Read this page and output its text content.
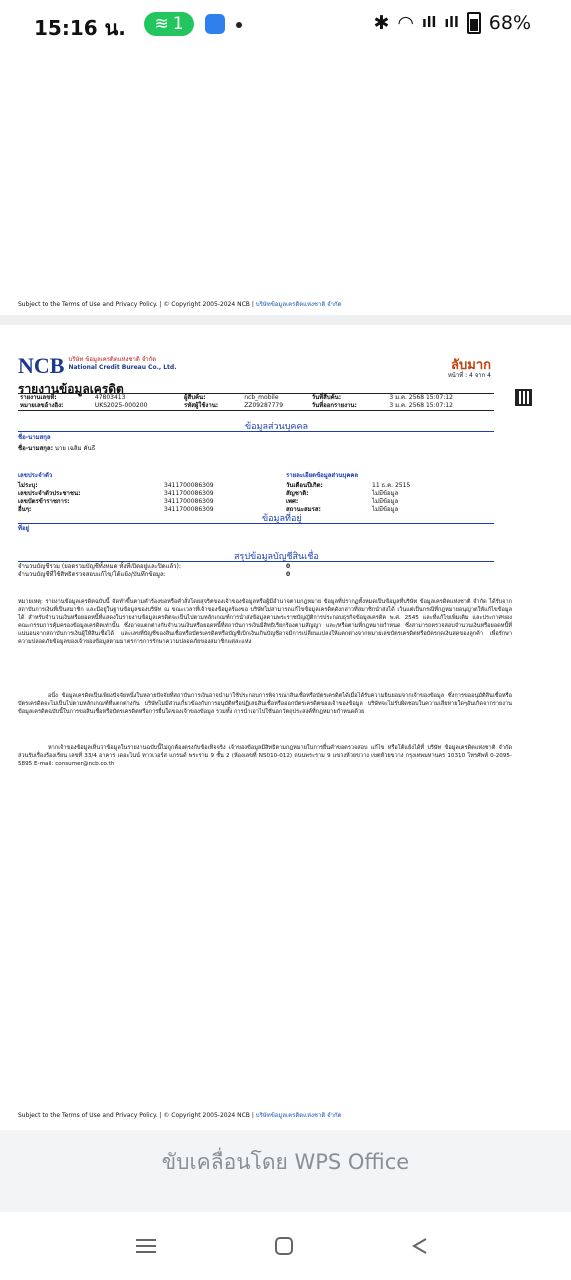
15:16 น. ≋ 1	✱ ◠ ıll ıll 68%
Subject to the Terms of Use and Privacy Policy. | © Copyright 2005-2024 NCB | บริษัทข้อมูลเครดิตแห่งชาติ จำกัด
NCB บริษัท ข้อมูลเครดิตแห่งชาติ จำกัด
National Credit Bureau Co., Ltd.	ลับมาก
หน้าที่ : 4 จาก 4
รายงานข้อมูลเครดิต
รายงานเลขที่:	47803413	ผู้สืบค้น:	ncb_mobile	วันที่สืบค้น:	3 ม.ค. 2568 15:07:12
หมายเลขอ้างอิง:	UKS2025-000200	รหัสผู้ใช้งาน:	ZZ09287779	วันที่ออกรายงาน:	3 ม.ค. 2568 15:07:12
ข้อมูลส่วนบุคคล
ชื่อ-นามสกุล
ชื่อ-นามสกุล: นาย เฉลิม คันธี
เลขประจำตัว
ไม่ระบุ:	3411700086309
เลขประจำตัวประชาชน:	3411700086309
เลขบัตรข้าราชการ:	3411700086309
อื่นๆ:	3411700086309
รายละเอียดข้อมูลส่วนบุคคล
วันเดือนปีเกิด:	11 ธ.ค. 2515
สัญชาติ:	ไม่มีข้อมูล
เพศ:	ไม่มีข้อมูล
สถานะสมรส:	ไม่มีข้อมูล
ข้อมูลที่อยู่
ที่อยู่
สรุปข้อมูลบัญชีสินเชื่อ
จำนวนบัญชีรวม (ยอดรวมบัญชีทั้งหมด ทั้งที่เปิดอยู่และปิดแล้ว):	0
จำนวนบัญชีที่ใช้สิทธิตรวจสอบแก้ไข/โต้แย้ง/บันทึกข้อมูล:	0
หมายเหตุ: รายงานข้อมูลเครดิตฉบับนี้ จัดทำขึ้นตามคำร้องขอหรือคำสั่งโดยสุจริตของเจ้าของข้อมูลหรือผู้มีอำนาจตามกฎหมาย ข้อมูลที่ปรากฏทั้งหมดเป็นข้อมูลที่บริษัท ข้อมูลเครดิตแห่งชาติ จำกัด ได้รับจากสถาบันการเงินที่เป็นสมาชิก และมีอยู่ในฐานข้อมูลของบริษัท ณ ขณะเวลาที่เจ้าของข้อมูลร้องขอ บริษัทไม่สามารถแก้ไขข้อมูลเครดิตดังกล่าวที่สมาชิกนำส่งได้ เว้นแต่เป็นกรณีที่กฎหมายอนุญาตให้แก้ไขข้อมูลได้ สำหรับจำนวนเงินหรือยอดหนี้ที่แสดงในรายงานข้อมูลเครดิตจะเป็นไปตามหลักเกณฑ์การนำส่งข้อมูลตามพระราชบัญญัติการประกอบธุรกิจข้อมูลเครดิต พ.ศ. 2545 และที่แก้ไขเพิ่มเติม และประกาศของคณะกรรมการคุ้มครองข้อมูลเครดิตเท่านั้น ซึ่งอาจแตกต่างกับจำนวนเงินหรือยอดหนี้ที่สถาบันการเงินมีสิทธิเรียกร้องตามสัญญา และ/หรือตามที่กฎหมายกำหนด ซึ่งสามารถตรวจสอบจำนวนเงินหรือยอดหนี้ที่แน่นอนจากสถาบันการเงินผู้ให้สินเชื่อได้ และเลขที่บัญชีของสินเชื่อหรือบัตรเครดิตหรือบัญชีเบิกเงินเกินบัญชีอาจมีการเปลี่ยนแปลงให้แตกต่างจากหมายเลขบัตรเครดิตหรือบัตรกดเงินสดของลูกค้า เพื่อรักษาความปลอดภัยข้อมูลของเจ้าของข้อมูลตามมาตรการการรักษาความปลอดภัยของสมาชิกแต่ละแห่ง
อนึ่ง ข้อมูลเครดิตเป็นเพียงปัจจัยหนึ่งในหลายปัจจัยที่สถาบันการเงินอาจนำมาใช้ประกอบการพิจารณาสินเชื่อหรือบัตรเครดิตได้เมื่อได้รับความยินยอมจากเจ้าของข้อมูล ซึ่งการขออนุมัติสินเชื่อหรือบัตรเครดิตจะไม่เป็นไปตามหลักเกณฑ์ที่แตกต่างกัน บริษัทไม่มีส่วนเกี่ยวข้องกับการอนุมัติหรือปฏิเสธสินเชื่อหรือออกบัตรเครดิตของเจ้าของข้อมูล บริษัทจะไม่รับผิดชอบในความเสียหายใดๆอันเกิดจากรายงานข้อมูลเครดิตฉบับนี้ในการขอสินเชื่อหรือบัตรเครดิตหรือการยื่นใดของเจ้าของข้อมูล รวมทั้ง การนำเอาไปใช้นอกวัตถุประสงค์ที่กฎหมายกำหนดด้วย
หากเจ้าของข้อมูลเห็นว่าข้อมูลในรายงานฉบับนี้ไม่ถูกต้องตรงกับข้อเท็จจริง เจ้าของข้อมูลมีสิทธิตามกฎหมายในการยื่นคำขอตรวจสอบ แก้ไข หรือโต้แย้งได้ที่ บริษัท ข้อมูลเครดิตแห่งชาติ จำกัด ส่วนรับเรื่องร้องเรียน เลขที่ 33/4 อาคาร เดอะไนน์ ทาวเวอร์ส แกรนด์ พระราม 9 ชั้น 2 (ห้องเลขที่ NS010-012) ถนนพระราม 9 แขวงห้วยขวาง เขตห้วยขวาง กรุงเทพมหานคร 10310 โทรศัพท์ 0-2095-5895 E-mail: consumer@ncb.co.th
Subject to the Terms of Use and Privacy Policy. | © Copyright 2005-2024 NCB | บริษัทข้อมูลเครดิตแห่งชาติ จำกัด
ขับเคลื่อนโดย WPS Office
